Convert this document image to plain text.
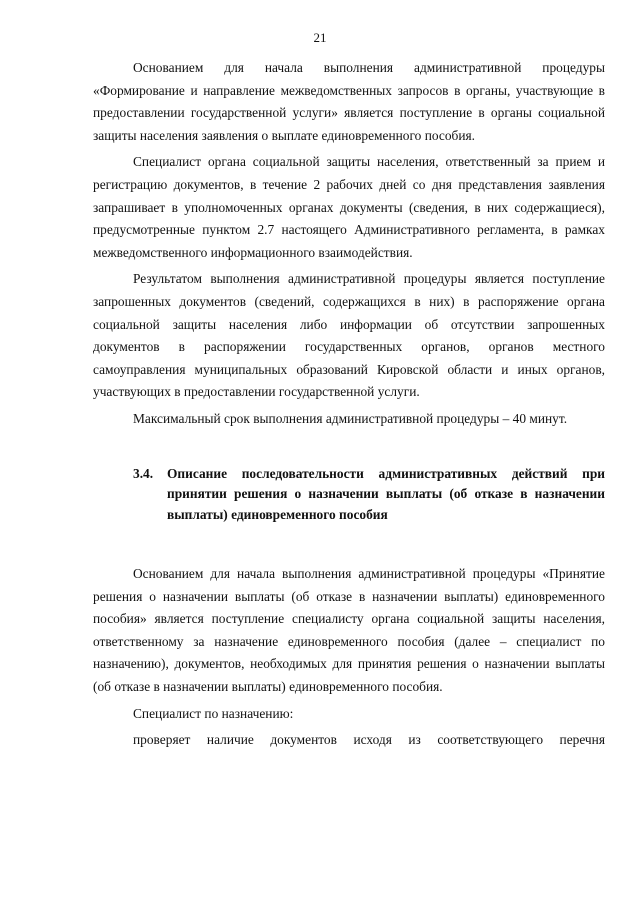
21

Основанием для начала выполнения административной процедуры «Формирование и направление межведомственных запросов в органы, участвующие в предоставлении государственной услуги» является поступление в органы социальной защиты населения заявления о выплате единовременного пособия.

Специалист органа социальной защиты населения, ответственный за прием и регистрацию документов, в течение 2 рабочих дней со дня представления заявления запрашивает в уполномоченных органах документы (сведения, в них содержащиеся), предусмотренные пунктом 2.7 настоящего Административного регламента, в рамках межведомственного информационного взаимодействия.

Результатом выполнения административной процедуры является поступление запрошенных документов (сведений, содержащихся в них) в распоряжение органа социальной защиты населения либо информации об отсутствии запрошенных документов в распоряжении государственных органов, органов местного самоуправления муниципальных образований Кировской области и иных органов, участвующих в предоставлении государственной услуги.

Максимальный срок выполнения административной процедуры – 40 минут.

3.4.	Описание последовательности административных действий при принятии решения о назначении выплаты (об отказе в назначении выплаты) единовременного пособия

Основанием для начала выполнения административной процедуры «Принятие решения о назначении выплаты (об отказе в назначении выплаты) единовременного пособия» является поступление специалисту органа социальной защиты населения, ответственному за назначение единовременного пособия (далее – специалист по назначению), документов, необходимых для принятия решения о назначении выплаты (об отказе в назначении выплаты) единовременного пособия.

Специалист по назначению:

проверяет наличие документов исходя из соответствующего перечня
